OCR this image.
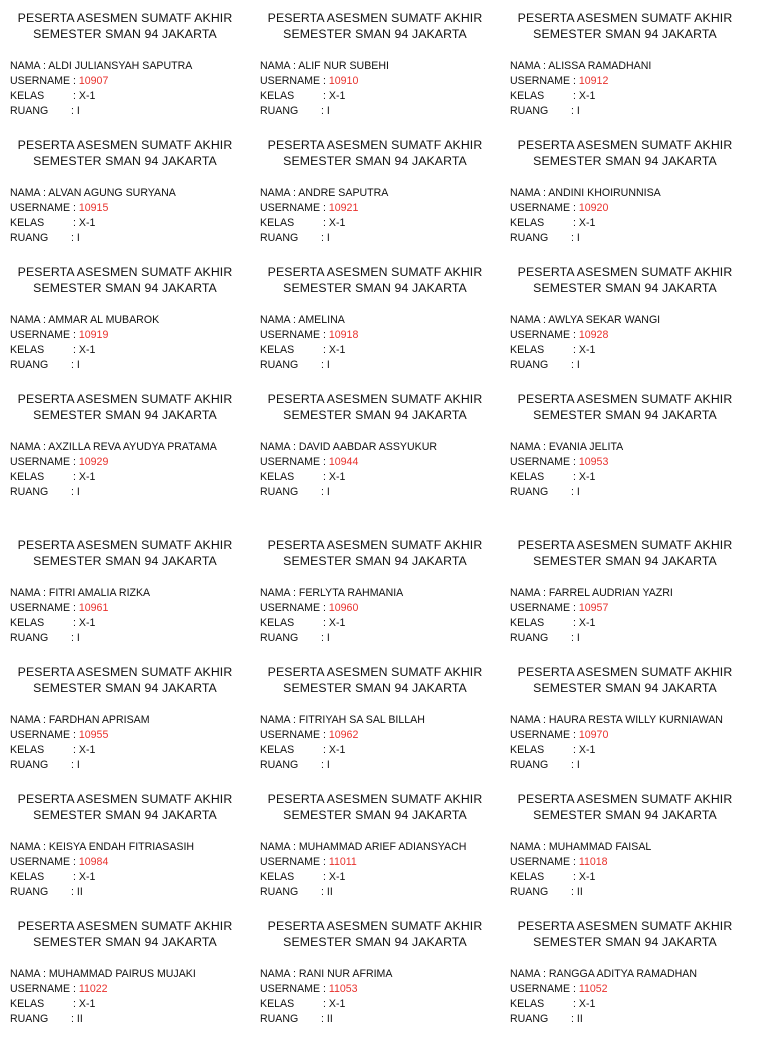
PESERTA ASESMEN SUMATF AKHIR
SEMESTER SMAN 94 JAKARTA
NAMA : ALDI JULIANSYAH SAPUTRA
USERNAME : 10907
KELAS	: X-1
RUANG : I
PESERTA ASESMEN SUMATF AKHIR
SEMESTER SMAN 94 JAKARTA
NAMA : ALIF NUR SUBEHI
USERNAME : 10910
KELAS	: X-1
RUANG : I
PESERTA ASESMEN SUMATF AKHIR
SEMESTER SMAN 94 JAKARTA
NAMA : ALISSA RAMADHANI
USERNAME : 10912
KELAS	: X-1
RUANG : I
PESERTA ASESMEN SUMATF AKHIR
SEMESTER SMAN 94 JAKARTA
NAMA : ALVAN AGUNG SURYANA
USERNAME : 10915
KELAS	: X-1
RUANG : I
PESERTA ASESMEN SUMATF AKHIR
SEMESTER SMAN 94 JAKARTA
NAMA : ANDRE SAPUTRA
USERNAME : 10921
KELAS	: X-1
RUANG : I
PESERTA ASESMEN SUMATF AKHIR
SEMESTER SMAN 94 JAKARTA
NAMA : ANDINI KHOIRUNNISA
USERNAME : 10920
KELAS	: X-1
RUANG : I
PESERTA ASESMEN SUMATF AKHIR
SEMESTER SMAN 94 JAKARTA
NAMA : AMMAR AL MUBAROK
USERNAME : 10919
KELAS	: X-1
RUANG : I
PESERTA ASESMEN SUMATF AKHIR
SEMESTER SMAN 94 JAKARTA
NAMA : AMELINA
USERNAME : 10918
KELAS	: X-1
RUANG : I
PESERTA ASESMEN SUMATF AKHIR
SEMESTER SMAN 94 JAKARTA
NAMA : AWLYA SEKAR WANGI
USERNAME : 10928
KELAS	: X-1
RUANG : I
PESERTA ASESMEN SUMATF AKHIR
SEMESTER SMAN 94 JAKARTA
NAMA : AXZILLA REVA AYUDYA PRATAMA
USERNAME : 10929
KELAS	: X-1
RUANG : I
PESERTA ASESMEN SUMATF AKHIR
SEMESTER SMAN 94 JAKARTA
NAMA : DAVID AABDAR ASSYUKUR
USERNAME : 10944
KELAS	: X-1
RUANG : I
PESERTA ASESMEN SUMATF AKHIR
SEMESTER SMAN 94 JAKARTA
NAMA : EVANIA JELITA
USERNAME : 10953
KELAS	: X-1
RUANG : I
PESERTA ASESMEN SUMATF AKHIR
SEMESTER SMAN 94 JAKARTA
NAMA : FITRI AMALIA RIZKA
USERNAME : 10961
KELAS	: X-1
RUANG : I
PESERTA ASESMEN SUMATF AKHIR
SEMESTER SMAN 94 JAKARTA
NAMA : FERLYTA RAHMANIA
USERNAME : 10960
KELAS	: X-1
RUANG : I
PESERTA ASESMEN SUMATF AKHIR
SEMESTER SMAN 94 JAKARTA
NAMA : FARREL AUDRIAN YAZRI
USERNAME : 10957
KELAS	: X-1
RUANG : I
PESERTA ASESMEN SUMATF AKHIR
SEMESTER SMAN 94 JAKARTA
NAMA : FARDHAN APRISAM
USERNAME : 10955
KELAS	: X-1
RUANG : I
PESERTA ASESMEN SUMATF AKHIR
SEMESTER SMAN 94 JAKARTA
NAMA : FITRIYAH SA SAL BILLAH
USERNAME : 10962
KELAS	: X-1
RUANG : I
PESERTA ASESMEN SUMATF AKHIR
SEMESTER SMAN 94 JAKARTA
NAMA : HAURA RESTA WILLY KURNIAWAN
USERNAME : 10970
KELAS	: X-1
RUANG : I
PESERTA ASESMEN SUMATF AKHIR
SEMESTER SMAN 94 JAKARTA
NAMA : KEISYA ENDAH FITRIASASIH
USERNAME : 10984
KELAS	: X-1
RUANG : II
PESERTA ASESMEN SUMATF AKHIR
SEMESTER SMAN 94 JAKARTA
NAMA : MUHAMMAD ARIEF ADIANSYACH
USERNAME : 11011
KELAS	: X-1
RUANG : II
PESERTA ASESMEN SUMATF AKHIR
SEMESTER SMAN 94 JAKARTA
NAMA : MUHAMMAD FAISAL
USERNAME : 11018
KELAS	: X-1
RUANG : II
PESERTA ASESMEN SUMATF AKHIR
SEMESTER SMAN 94 JAKARTA
NAMA : MUHAMMAD PAIRUS MUJAKI
USERNAME : 11022
KELAS	: X-1
RUANG : II
PESERTA ASESMEN SUMATF AKHIR
SEMESTER SMAN 94 JAKARTA
NAMA : RANI NUR AFRIMA
USERNAME : 11053
KELAS	: X-1
RUANG : II
PESERTA ASESMEN SUMATF AKHIR
SEMESTER SMAN 94 JAKARTA
NAMA : RANGGA ADITYA RAMADHAN
USERNAME : 11052
KELAS	: X-1
RUANG : II
